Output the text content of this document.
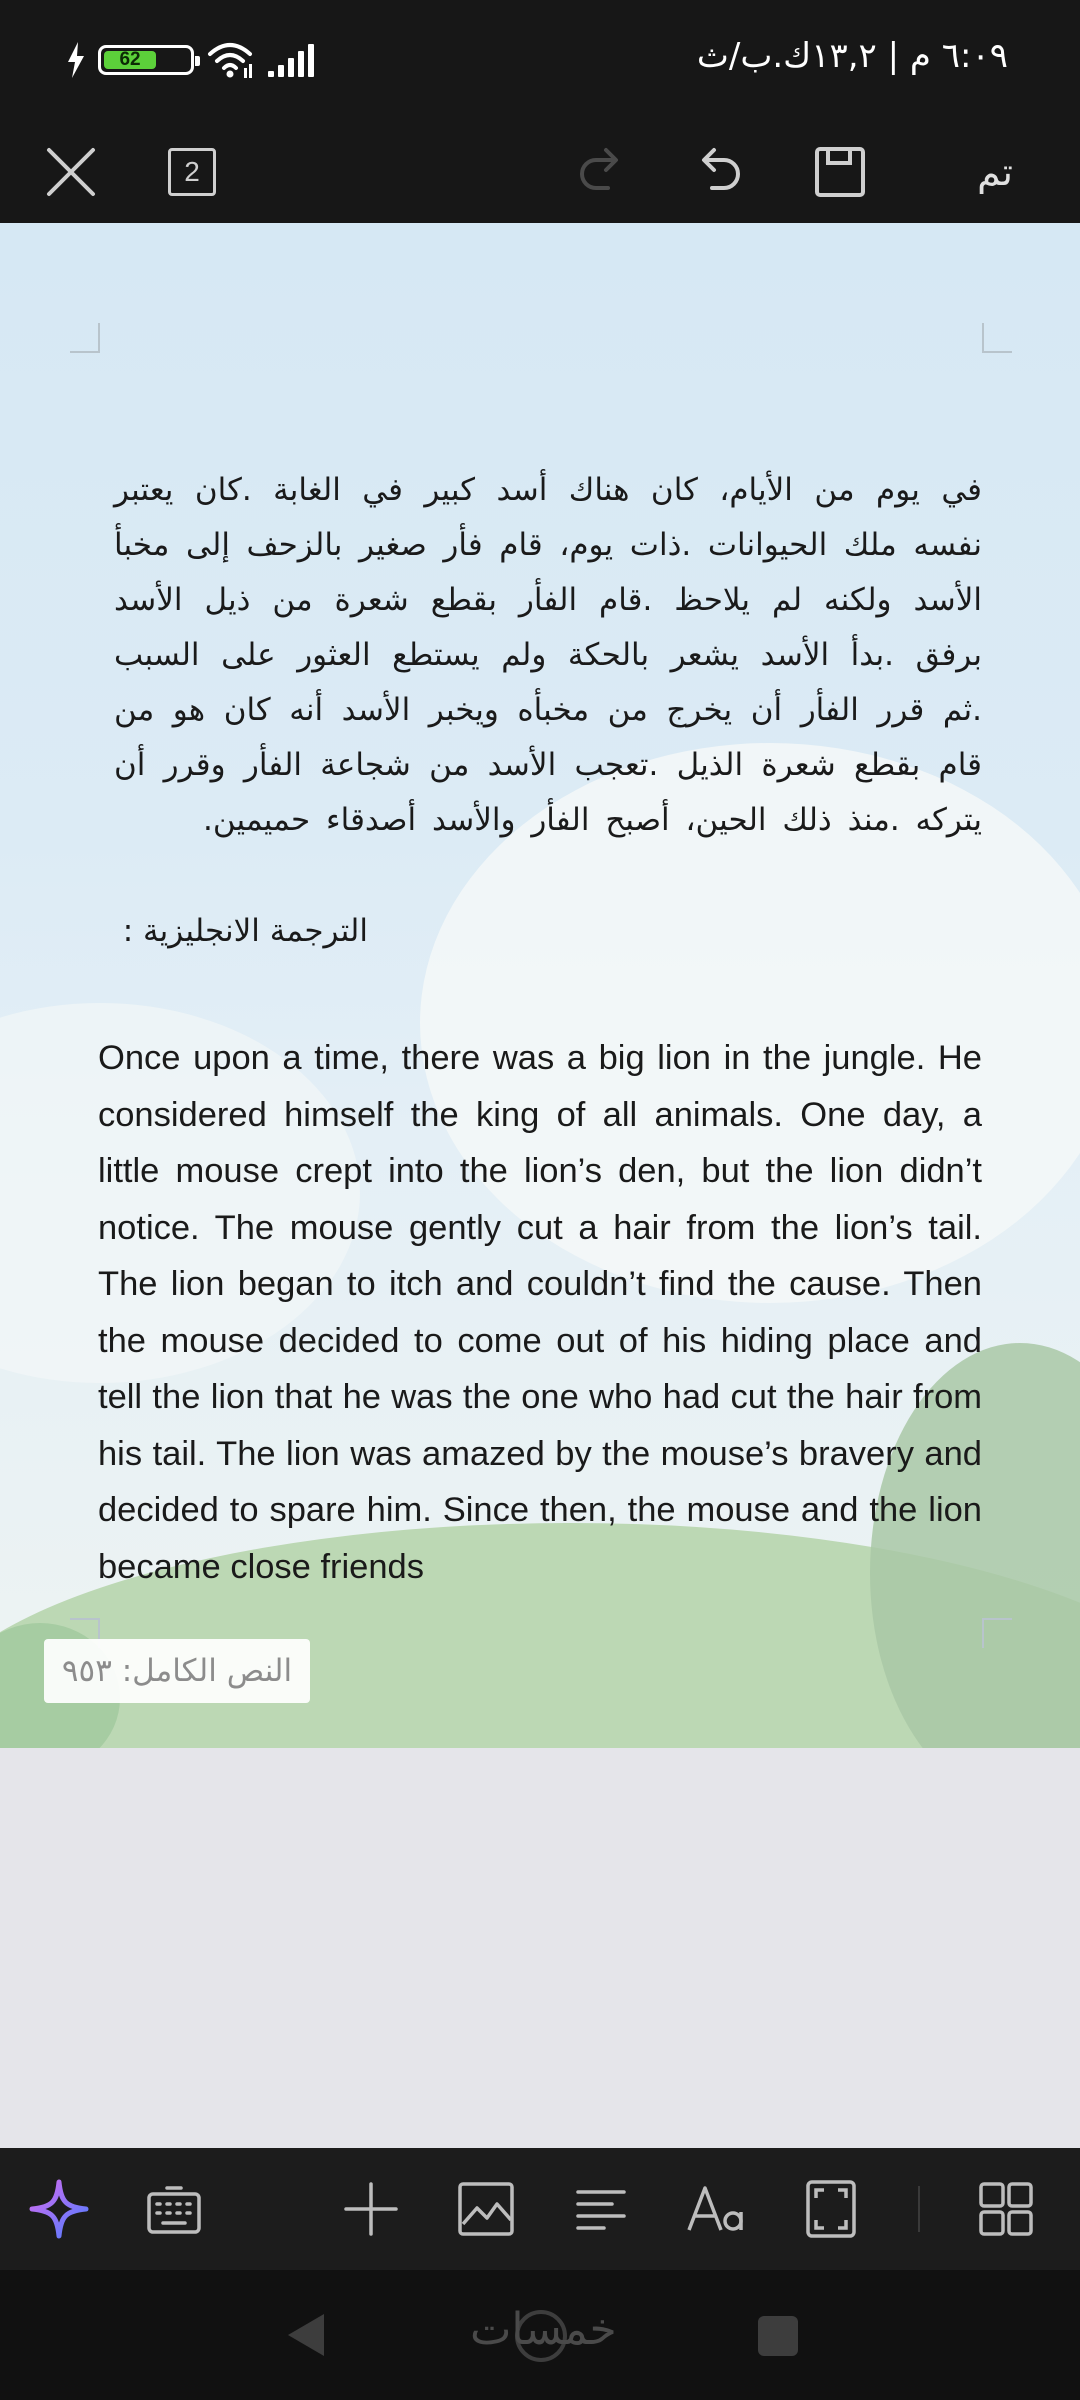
62	٦:٠٩ م | ١٣,٢ك.ب/ث
2	تم
في يوم من الأيام، كان هناك أسد كبير في الغابة .كان يعتبر نفسه ملك الحيوانات .ذات يوم، قام فأر صغير بالزحف إلى مخبأ الأسد ولكنه لم يلاحظ .قام الفأر بقطع شعرة من ذيل الأسد برفق .بدأ الأسد يشعر بالحكة ولم يستطع العثور على السبب .ثم قرر الفأر أن يخرج من مخبأه ويخبر الأسد أنه كان هو من قام بقطع شعرة الذيل .تعجب الأسد من شجاعة الفأر وقرر أن يتركه .منذ ذلك الحين، أصبح الفأر والأسد أصدقاء حميمين.
الترجمة الانجليزية :
Once upon a time, there was a big lion in the jungle. He considered himself the king of all animals. One day, a little mouse crept into the lion’s den, but the lion didn’t notice. The mouse gently cut a hair from the lion’s tail. The lion began to itch and couldn’t find the cause. Then the mouse decided to come out of his hiding place and tell the lion that he was the one who had cut the hair from his tail. The lion was amazed by the mouse’s bravery and decided to spare him. Since then, the mouse and the lion became close friends
النص الكامل: ٩٥٣
خمسات
